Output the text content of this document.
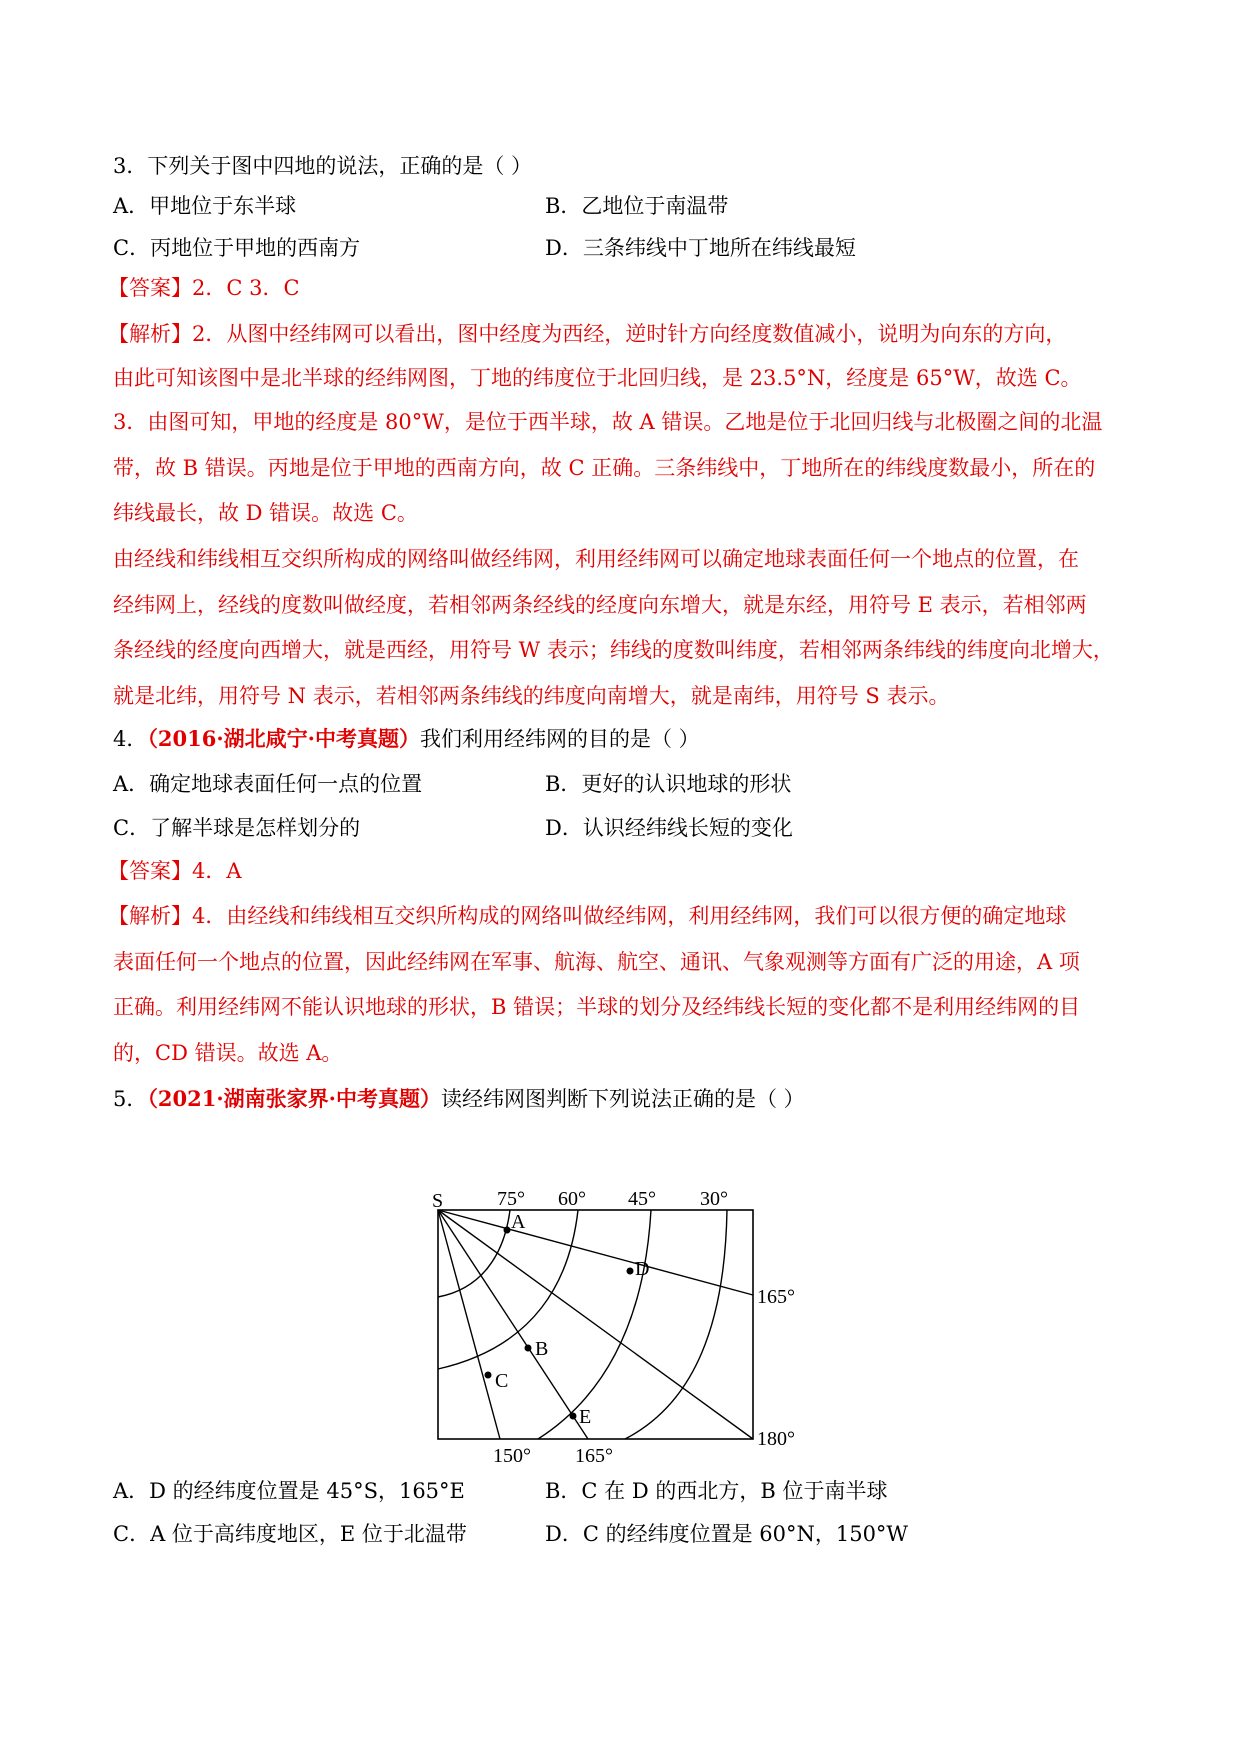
3．下列关于图中四地的说法，正确的是（ ）
A．甲地位于东半球	B．乙地位于南温带
C．丙地位于甲地的西南方	D．三条纬线中丁地所在纬线最短
【答案】2．C 3．C
【解析】2．从图中经纬网可以看出，图中经度为西经，逆时针方向经度数值减小，说明为向东的方向，
由此可知该图中是北半球的经纬网图，丁地的纬度位于北回归线，是 23.5°N，经度是 65°W，故选 C。
3．由图可知，甲地的经度是 80°W，是位于西半球，故 A 错误。乙地是位于北回归线与北极圈之间的北温
带，故 B 错误。丙地是位于甲地的西南方向，故 C 正确。三条纬线中，丁地所在的纬线度数最小，所在的
纬线最长，故 D 错误。故选 C。
由经线和纬线相互交织所构成的网络叫做经纬网，利用经纬网可以确定地球表面任何一个地点的位置，在
经纬网上，经线的度数叫做经度，若相邻两条经线的经度向东增大，就是东经，用符号 E 表示，若相邻两
条经线的经度向西增大，就是西经，用符号 W 表示；纬线的度数叫纬度，若相邻两条纬线的纬度向北增大，
就是北纬，用符号 N 表示，若相邻两条纬线的纬度向南增大，就是南纬，用符号 S 表示。
4．（2016·湖北咸宁·中考真题）我们利用经纬网的目的是（ ）
A．确定地球表面任何一点的位置	B．更好的认识地球的形状
C．了解半球是怎样划分的	D．认识经纬线长短的变化
【答案】4．A
【解析】4．由经线和纬线相互交织所构成的网络叫做经纬网，利用经纬网，我们可以很方便的确定地球
表面任何一个地点的位置，因此经纬网在军事、航海、航空、通讯、气象观测等方面有广泛的用途，A 项
正确。利用经纬网不能认识地球的形状，B 错误；半球的划分及经纬线长短的变化都不是利用经纬网的目
的，CD 错误。故选 A。
5．（2021·湖南张家界·中考真题）读经纬网图判断下列说法正确的是（ ）
S	75° 60° 45° 30°
165°
180°
150° 165°
A
B
C
D
E
A．D 的经纬度位置是 45°S，165°E	B．C 在 D 的西北方，B 位于南半球
C．A 位于高纬度地区，E 位于北温带	D．C 的经纬度位置是 60°N，150°W
